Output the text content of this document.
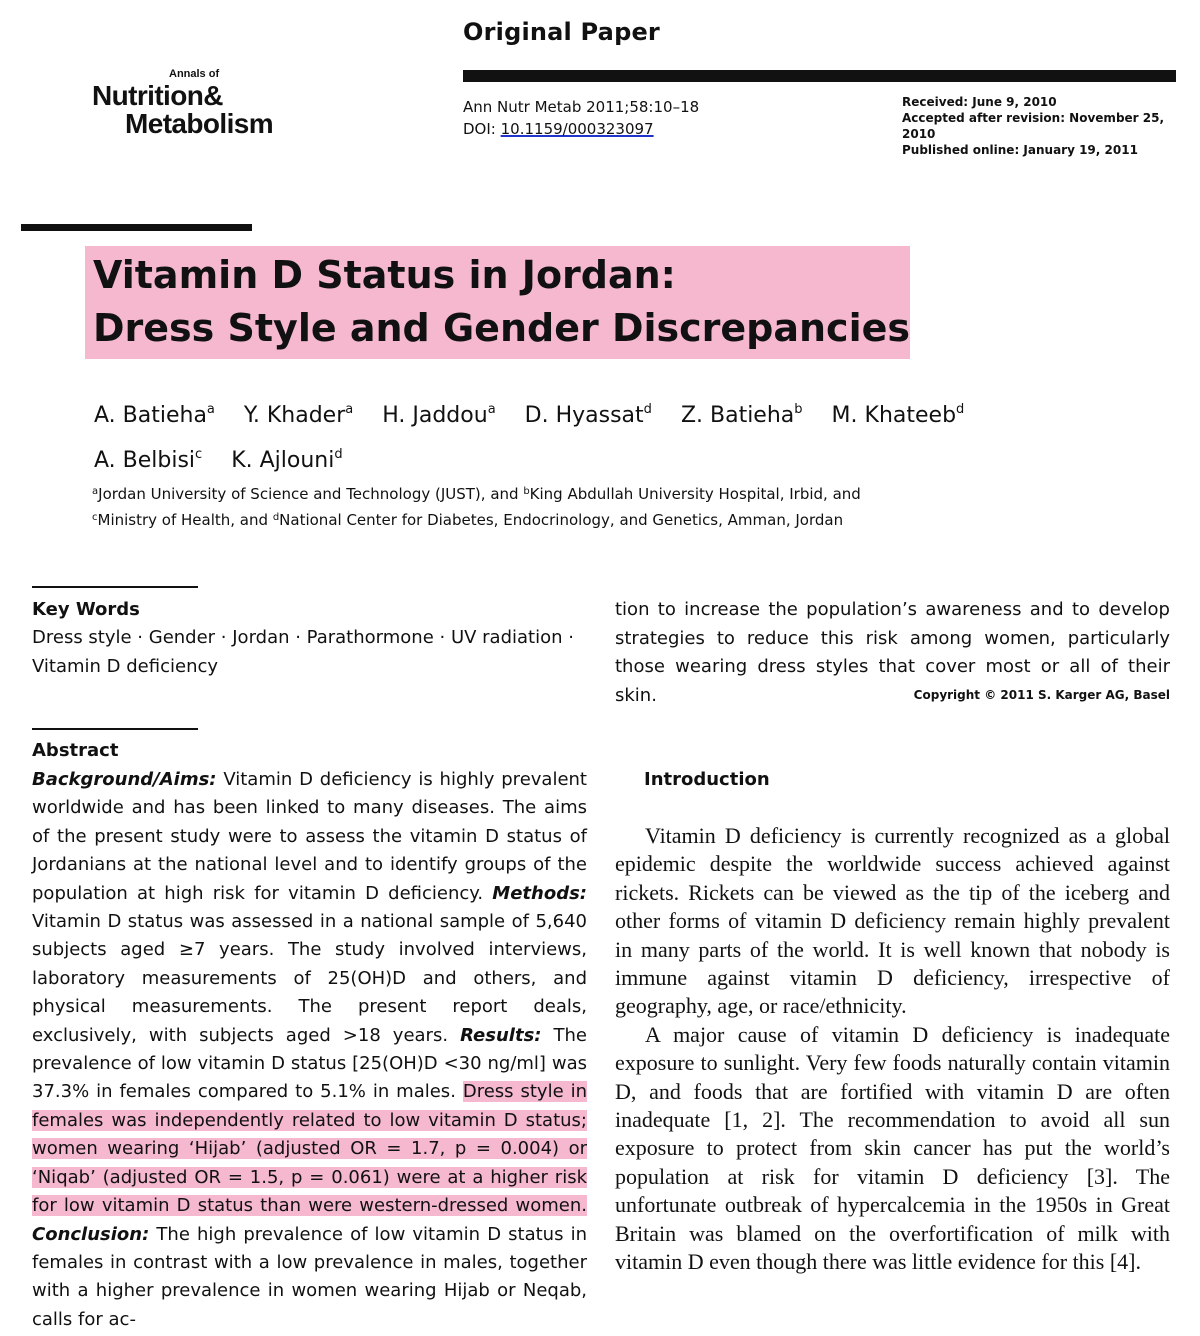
Original Paper
Annals of
Nutrition&
Metabolism
Ann Nutr Metab 2011;58:10–18
DOI: 10.1159/000323097
Received: June 9, 2010
Accepted after revision: November 25, 2010
Published online: January 19, 2011
Vitamin D Status in Jordan:
Dress Style and Gender Discrepancies
A. Batieha$^a$ Y. Khader$^a$ H. Jaddou$^a$ D. Hyassat$^d$ Z. Batieha$^b$ M. Khateeb$^d$
A. Belbisi$^c$ K. Ajlouni$^d$
$^a$Jordan University of Science and Technology (JUST), and $^b$King Abdullah University Hospital, Irbid, and
$^c$Ministry of Health, and $^d$National Center for Diabetes, Endocrinology, and Genetics, Amman, Jordan
Key Words
Dress style · Gender · Jordan · Parathormone · UV radiation · Vitamin D deficiency
Abstract
Background/Aims: Vitamin D deficiency is highly prevalent worldwide and has been linked to many diseases. The aims of the present study were to assess the vitamin D status of Jordanians at the national level and to identify groups of the population at high risk for vitamin D deficiency. Methods: Vitamin D status was assessed in a national sample of 5,640 subjects aged ≥7 years. The study involved interviews, laboratory measurements of 25(OH)D and others, and physical measurements. The present report deals, exclusively, with subjects aged >18 years. Results: The prevalence of low vitamin D status [25(OH)D <30 ng/ml] was 37.3% in females compared to 5.1% in males. Dress style in females was independently related to low vitamin D status; women wearing ‘Hijab’ (adjusted OR = 1.7, p = 0.004) or ‘Niqab’ (adjusted OR = 1.5, p = 0.061) were at a higher risk for low vitamin D status than were western-dressed women. Conclusion: The high prevalence of low vitamin D status in females in contrast with a low prevalence in males, together with a higher prevalence in women wearing Hijab or Neqab, calls for ac-
tion to increase the population’s awareness and to develop strategies to reduce this risk among women, particularly those wearing dress styles that cover most or all of their skin.	Copyright © 2011 S. Karger AG, Basel
Introduction

Vitamin D deficiency is currently recognized as a global epidemic despite the worldwide success achieved against rickets. Rickets can be viewed as the tip of the iceberg and other forms of vitamin D deficiency remain highly prevalent in many parts of the world. It is well known that nobody is immune against vitamin D deficiency, irrespective of geography, age, or race/ethnicity.

A major cause of vitamin D deficiency is inadequate exposure to sunlight. Very few foods naturally contain vitamin D, and foods that are fortified with vitamin D are often inadequate [1, 2]. The recommendation to avoid all sun exposure to protect from skin cancer has put the world’s population at risk for vitamin D deficiency [3]. The unfortunate outbreak of hypercalcemia in the 1950s in Great Britain was blamed on the overfortification of milk with vitamin D even though there was little evidence for this [4].
